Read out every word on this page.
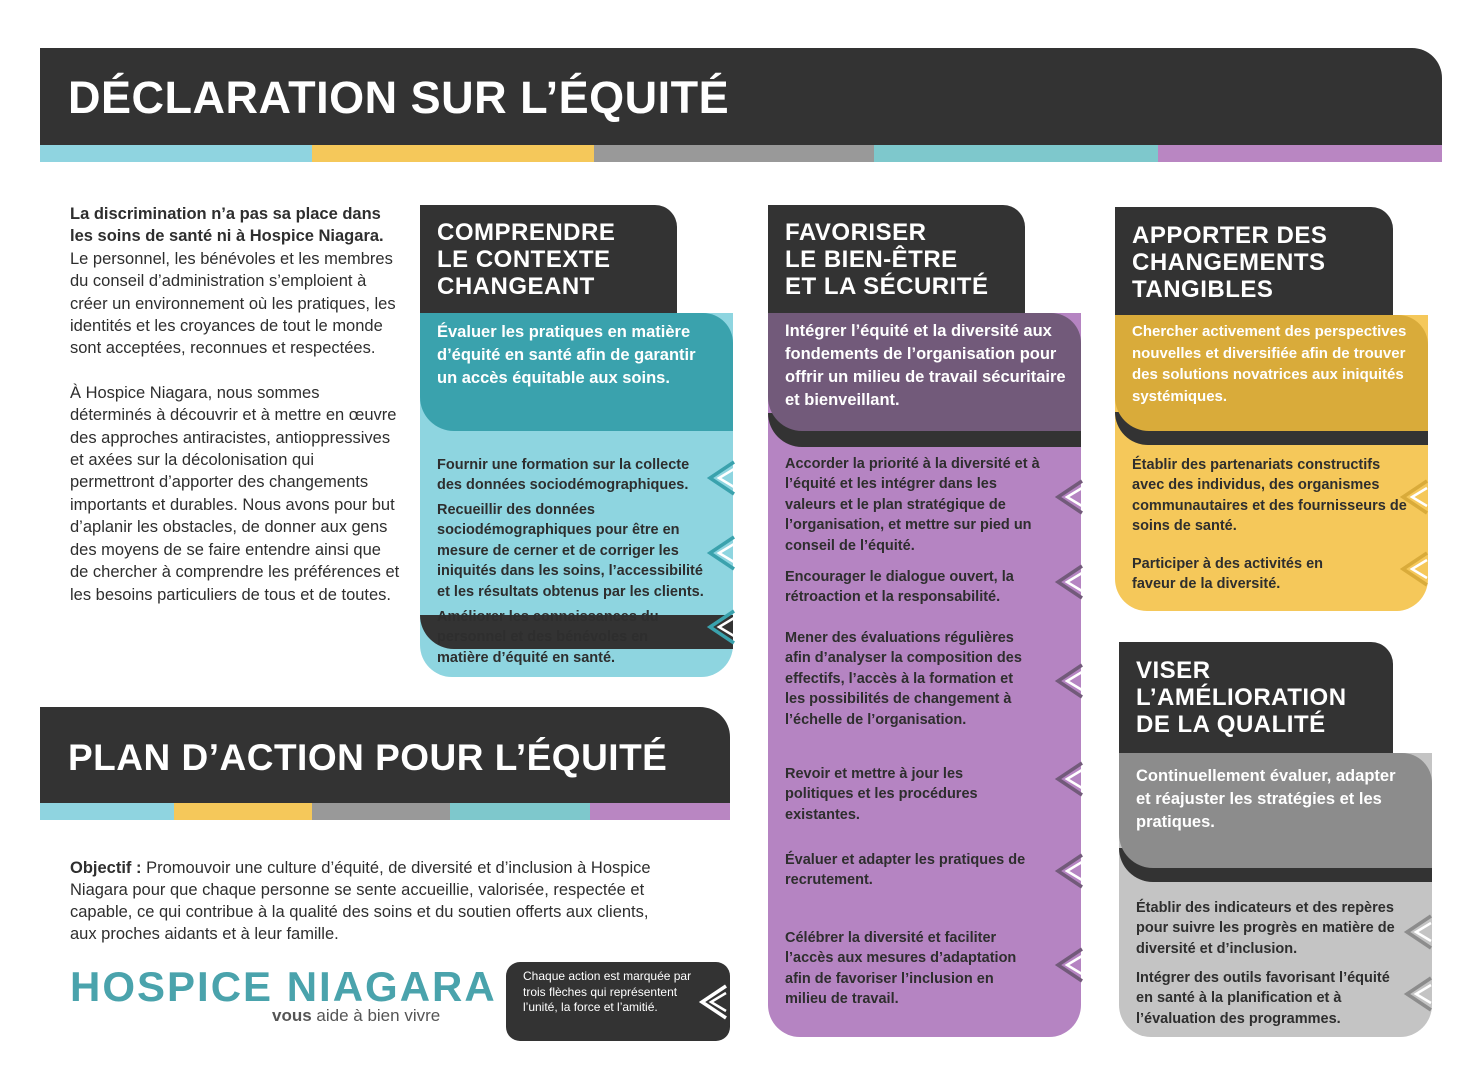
DÉCLARATION SUR L’ÉQUITÉ

La discrimination n’a pas sa place dans les soins de santé ni à Hospice Niagara.
Le personnel, les bénévoles et les membres du conseil d’administration s’emploient à créer un environnement où les pratiques, les identités et les croyances de tout le monde sont acceptées, reconnues et respectées.

À Hospice Niagara, nous sommes déterminés à découvrir et à mettre en œuvre des approches antiracistes, antioppressives et axées sur la décolonisation qui permettront d’apporter des changements importants et durables. Nous avons pour but d’aplanir les obstacles, de donner aux gens des moyens de se faire entendre ainsi que de chercher à comprendre les préférences et les besoins particuliers de tous et de toutes.

PLAN D’ACTION POUR L’ÉQUITÉ
Objectif : Promouvoir une culture d’équité, de diversité et d’inclusion à Hospice Niagara pour que chaque personne se sente accueillie, valorisée, respectée et capable, ce qui contribue à la qualité des soins et du soutien offerts aux clients, aux proches aidants et à leur famille.
HOSPICE NIAGARA
vous aide à bien vivre
Chaque action est marquée par trois flèches qui représentent l’unité, la force et l’amitié.
COMPRENDRE
LE CONTEXTE
CHANGEANT
Évaluer les pratiques en matière d’équité en santé afin de garantir un accès équitable aux soins.
Fournir une formation sur la collecte des données sociodémographiques.
Recueillir des données sociodémographiques pour être en mesure de cerner et de corriger les iniquités dans les soins, l’accessibilité et les résultats obtenus par les clients.
Améliorer les connaissances du personnel et des bénévoles en matière d’équité en santé.
FAVORISER
LE BIEN-ÊTRE
ET LA SÉCURITÉ
Intégrer l’équité et la diversité aux fondements de l’organisation pour offrir un milieu de travail sécuritaire et bienveillant.
Accorder la priorité à la diversité et à l’équité et les intégrer dans les valeurs et le plan stratégique de l’organisation, et mettre sur pied un conseil de l’équité.
Encourager le dialogue ouvert, la rétroaction et la responsabilité.
Mener des évaluations régulières afin d’analyser la composition des effectifs, l’accès à la formation et les possibilités de changement à l’échelle de l’organisation.
Revoir et mettre à jour les politiques et les procédures existantes.
Évaluer et adapter les pratiques de recrutement.
Célébrer la diversité et faciliter l’accès aux mesures d’adaptation afin de favoriser l’inclusion en milieu de travail.
APPORTER DES
CHANGEMENTS
TANGIBLES
Chercher activement des perspectives nouvelles et diversifiée afin de trouver des solutions novatrices aux iniquités systémiques.
Établir des partenariats constructifs avec des individus, des organismes communautaires et des fournisseurs de soins de santé.
Participer à des activités en faveur de la diversité.
VISER
L’AMÉLIORATION
DE LA QUALITÉ
Continuellement évaluer, adapter et réajuster les stratégies et les pratiques.
Établir des indicateurs et des repères pour suivre les progrès en matière de diversité et d’inclusion.
Intégrer des outils favorisant l’équité en santé à la planification et à l’évaluation des programmes.
